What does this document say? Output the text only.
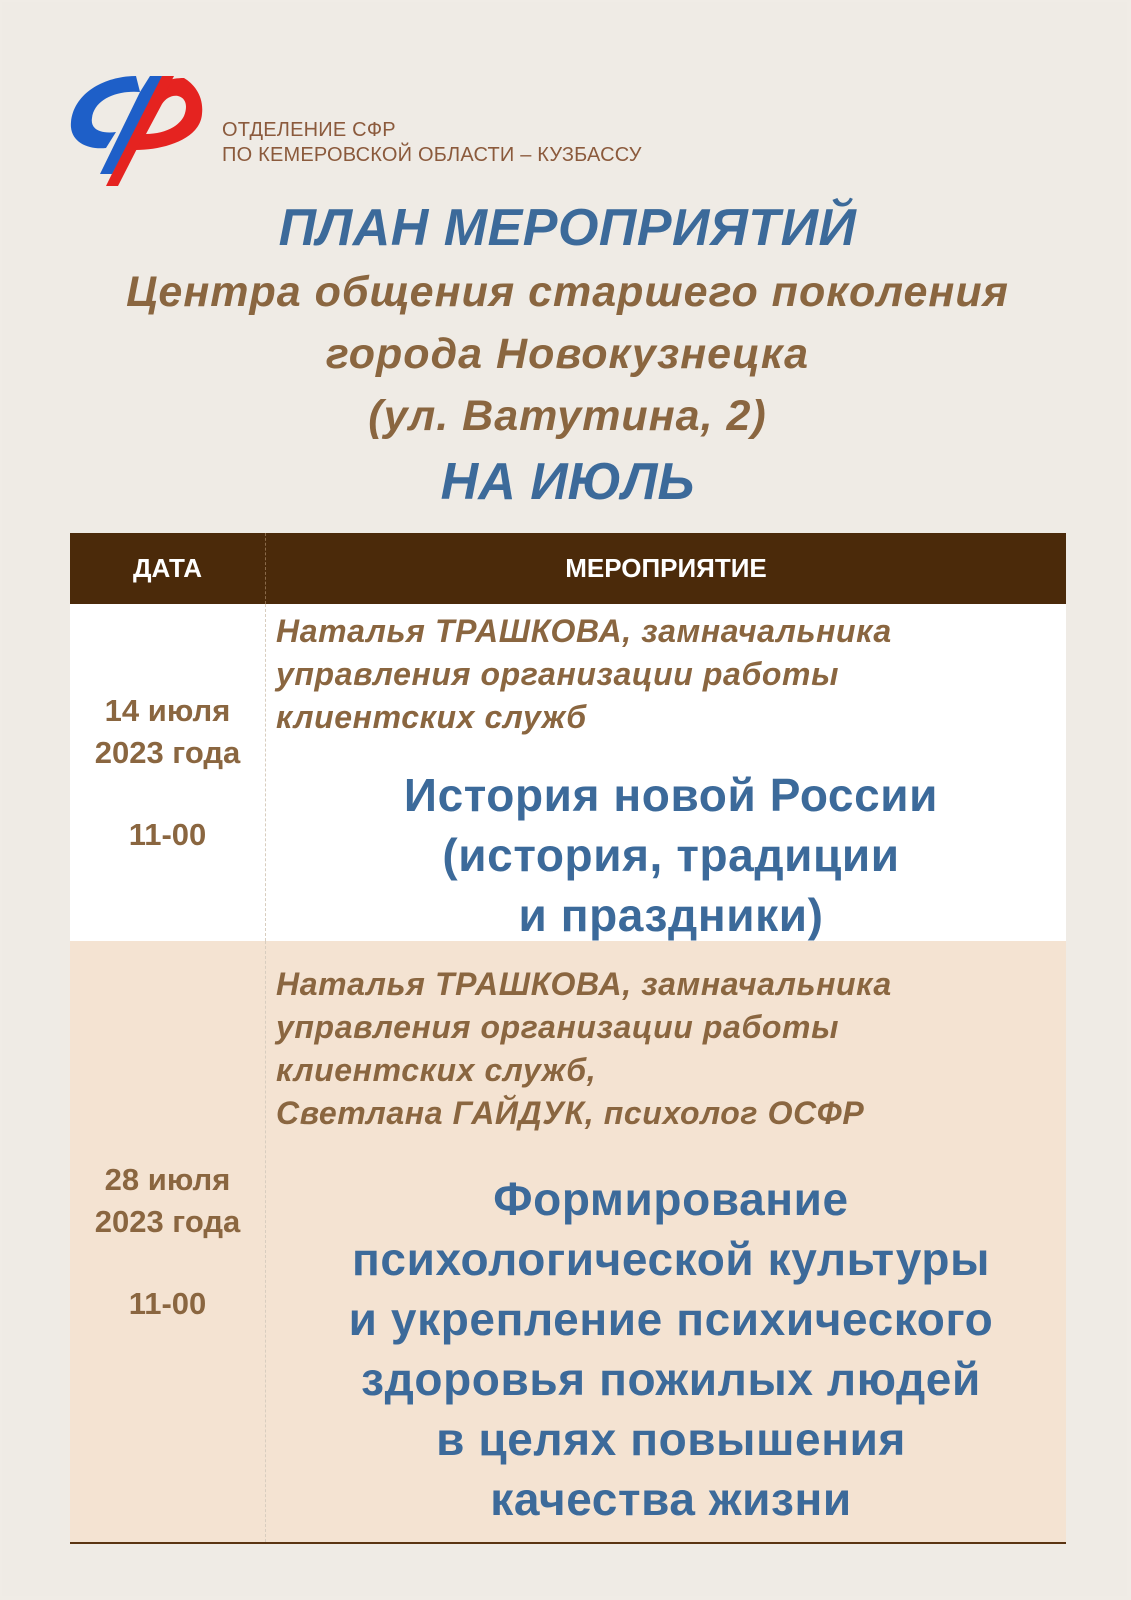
ОТДЕЛЕНИЕ СФР
ПО КЕМЕРОВСКОЙ ОБЛАСТИ – КУЗБАССУ
ПЛАН МЕРОПРИЯТИЙ
Центра общения старшего поколения
города Новокузнецка
(ул. Ватутина, 2)
НА ИЮЛЬ
ДАТА	МЕРОПРИЯТИЕ
14 июля
2023 года
11-00
Наталья ТРАШКОВА, замначальника
управления организации работы
клиентских служб
История новой России
(история, традиции
и праздники)
28 июля
2023 года
11-00
Наталья ТРАШКОВА, замначальника
управления организации работы
клиентских служб,
Светлана ГАЙДУК, психолог ОСФР
Формирование
психологической культуры
и укрепление психического
здоровья пожилых людей
в целях повышения
качества жизни
